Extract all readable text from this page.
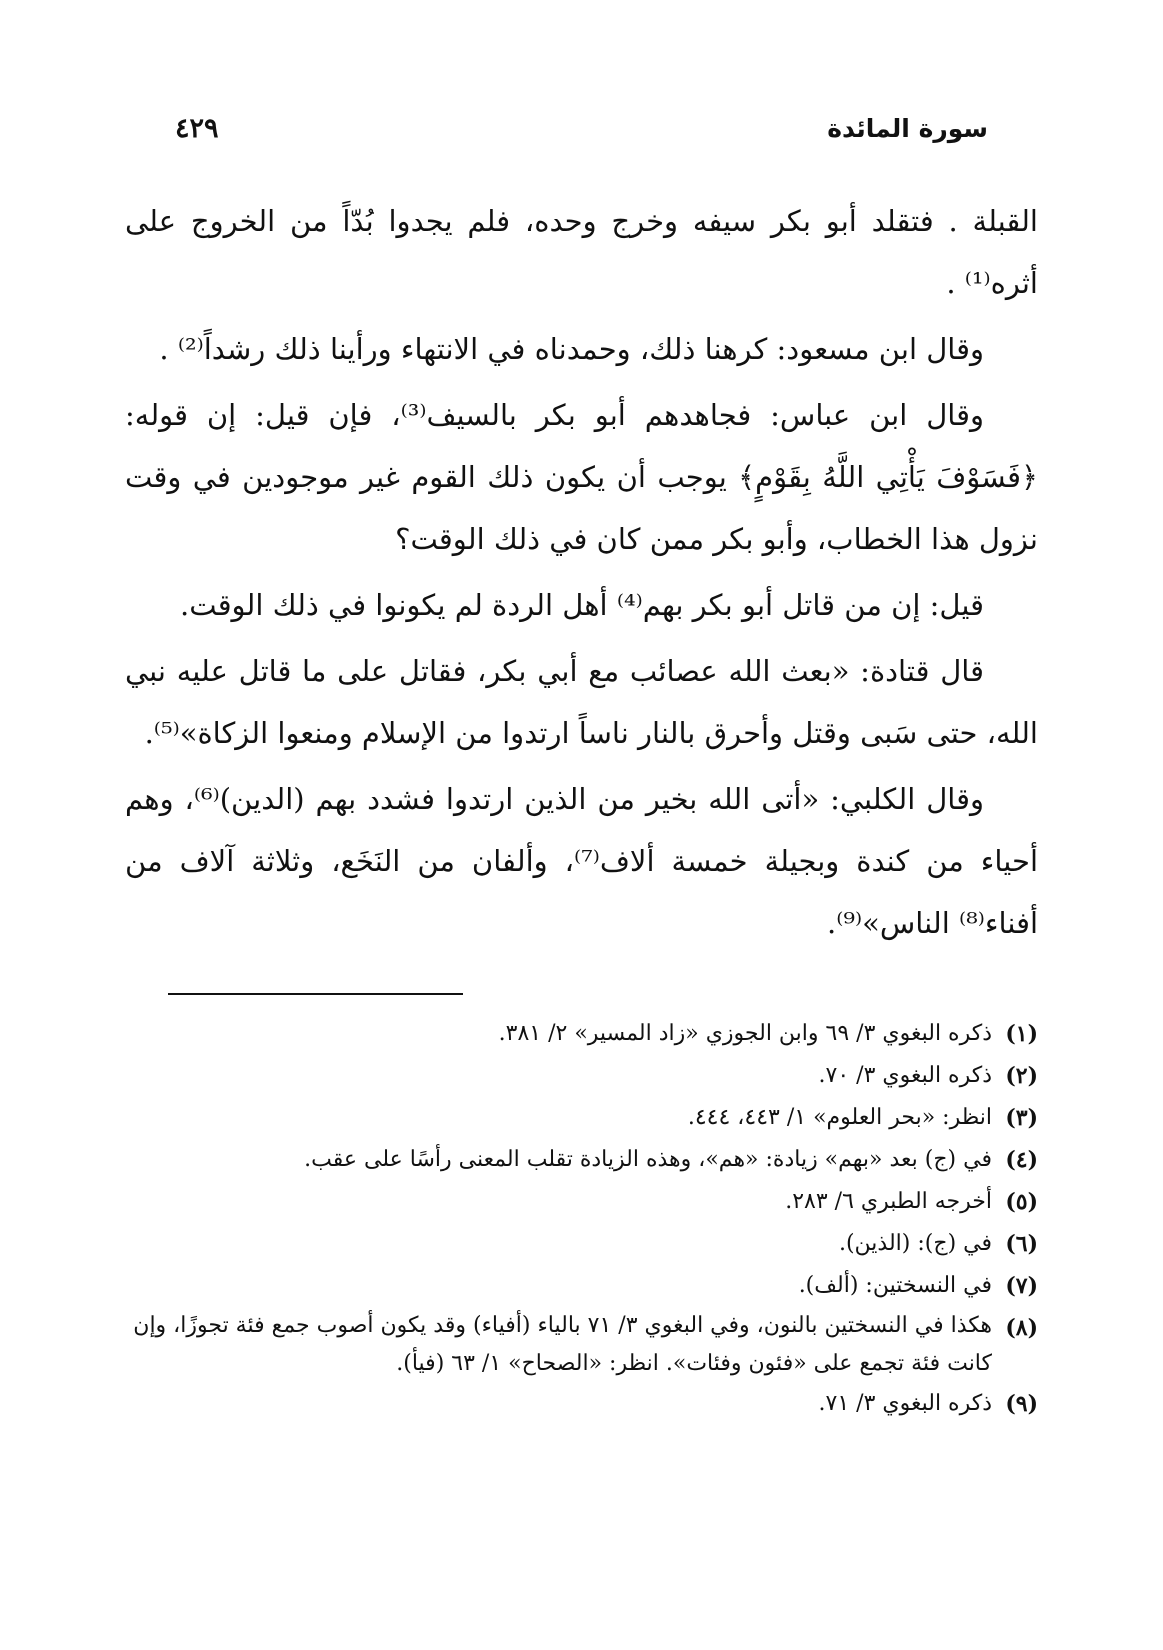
سورة المائدة
٤٢٩

القبلة . فتقلد أبو بكر سيفه وخرج وحده، فلم يجدوا بُدّاً من الخروج على أثره⁽¹⁾ .

وقال ابن مسعود: كرهنا ذلك، وحمدناه في الانتهاء ورأينا ذلك رشداً⁽²⁾ .

وقال ابن عباس: فجاهدهم أبو بكر بالسيف⁽³⁾، فإن قيل: إن قوله: ﴿فَسَوْفَ يَأْتِي اللَّهُ بِقَوْمٍ﴾ يوجب أن يكون ذلك القوم غير موجودين في وقت نزول هذا الخطاب، وأبو بكر ممن كان في ذلك الوقت؟

قيل: إن من قاتل أبو بكر بهم⁽⁴⁾ أهل الردة لم يكونوا في ذلك الوقت.

قال قتادة: «بعث الله عصائب مع أبي بكر، فقاتل على ما قاتل عليه نبي الله، حتى سَبى وقتل وأحرق بالنار ناساً ارتدوا من الإسلام ومنعوا الزكاة»⁽⁵⁾.

وقال الكلبي: «أتى الله بخير من الذين ارتدوا فشدد بهم (الدين)⁽⁶⁾، وهم أحياء من كندة وبجيلة خمسة ألاف⁽⁷⁾، وألفان من النَخَع، وثلاثة آلاف من أفناء⁽⁸⁾ الناس»⁽⁹⁾.

(١)
ذكره البغوي ٣/ ٦٩ وابن الجوزي «زاد المسير» ٢/ ٣٨١.
(٢)
ذكره البغوي ٣/ ٧٠.
(٣)
انظر: «بحر العلوم» ١/ ٤٤٣، ٤٤٤.
(٤)
في (ج) بعد «بهم» زيادة: «هم»، وهذه الزيادة تقلب المعنى رأسًا على عقب.
(٥)
أخرجه الطبري ٦/ ٢٨٣.
(٦)
في (ج): (الذين).
(٧)
في النسختين: (ألف).
(٨)
هكذا في النسختين بالنون، وفي البغوي ٣/ ٧١ بالياء (أفياء) وقد يكون أصوب جمع فئة تجوزًا، وإن كانت فئة تجمع على «فئون وفئات». انظر: «الصحاح» ١/ ٦٣ (فيأ).
(٩)
ذكره البغوي ٣/ ٧١.
